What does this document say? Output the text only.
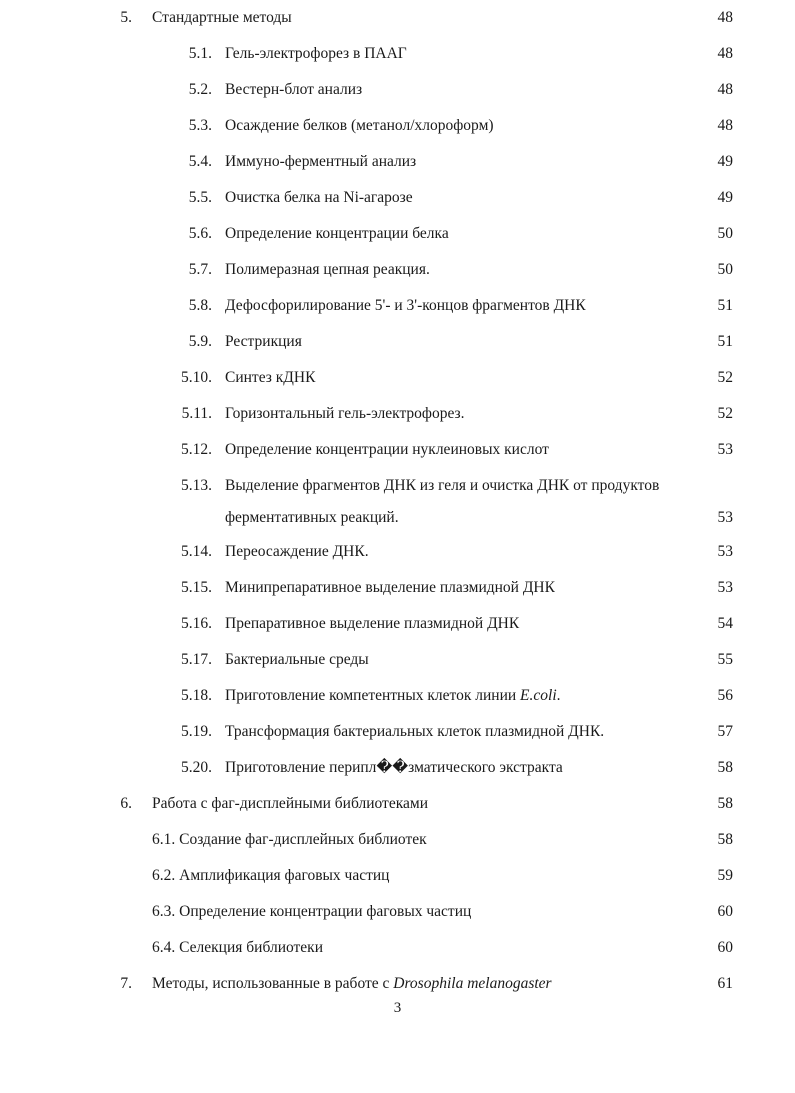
5. Стандартные методы	48
5.1. Гель-электрофорез в ПААГ	48
5.2. Вестерн-блот анализ	48
5.3. Осаждение белков (метанол/хлороформ)	48
5.4. Иммуно-ферментный анализ	49
5.5. Очистка белка на Ni-агарозе	49
5.6. Определение концентрации белка	50
5.7. Полимеразная цепная реакция.	50
5.8. Дефосфорилирование 5'- и 3'-концов фрагментов ДНК	51
5.9. Рестрикция	51
5.10. Синтез кДНК	52
5.11. Горизонтальный гель-электрофорез.	52
5.12. Определение концентрации нуклеиновых кислот	53
5.13. Выделение фрагментов ДНК из геля и очистка ДНК от продуктов
ферментативных реакций.	53
5.14. Переосаждение ДНК.	53
5.15. Минипрепаративное выделение плазмидной ДНК	53
5.16. Препаративное выделение плазмидной ДНК	54
5.17. Бактериальные среды	55
5.18. Приготовление компетентных клеток линии E.coli.	56
5.19. Трансформация бактериальных клеток плазмидной ДНК.	57
5.20. Приготовление перипл��зматического экстракта	58
6. Работа с фаг-дисплейными библиотеками	58
6.1. Создание фаг-дисплейных библиотек	58
6.2. Амплификация фаговых частиц	59
6.3. Определение концентрации фаговых частиц	60
6.4. Селекция библиотеки	60
7. Методы, использованные в работе с Drosophila melanogaster	61
3
